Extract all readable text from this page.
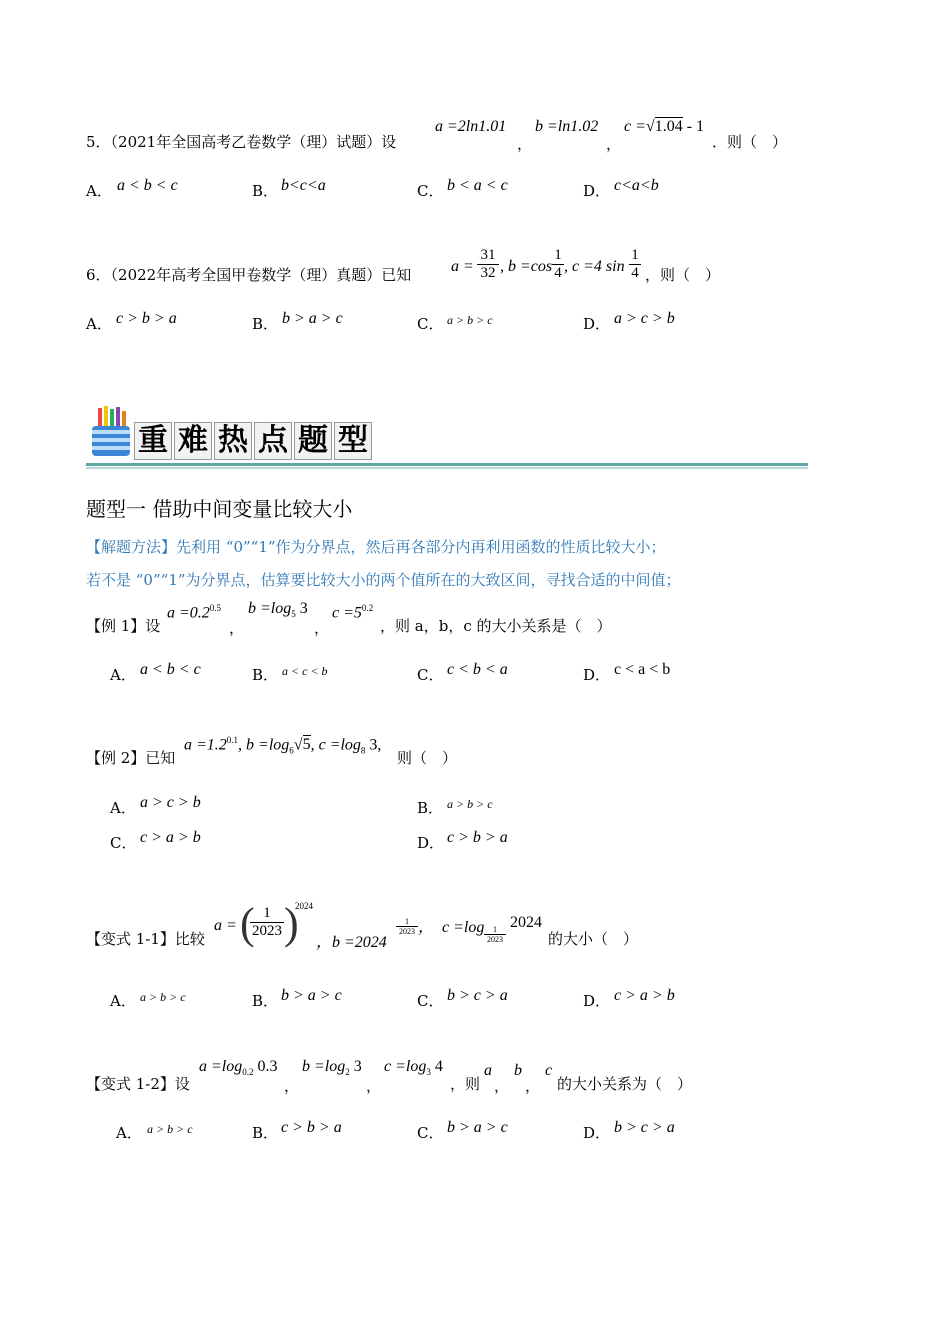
5．（2021年全国高考乙卷数学（理）试题）设
a =2ln1.01
，
b =ln1.02
，
c =√1.04 - 1
．则（　）
A． a < b < c	B． b<c<a	C． b < a < c	D． c<a<b
6．（2022年高考全国甲卷数学（理）真题）已知 $a = \frac{31}{32}$ , $b =\cos \frac{1}{4}$ , c =4 $\sin \frac{1}{4}$ ，则（　）
A． c > b > a	B． b > a > c	C． a > b > c	D． a > c > b
重 难 热 点 题 型
题型一 借助中间变量比较大小
【解题方法】先利用 “0”“1”作为分界点，然后再各部分内再利用函数的性质比较大小；
若不是 “0”“1”为分界点，估算要比较大小的两个值所在的大致区间，寻找合适的中间值；
【例 1】设
$a =0.2^{0.5}$
，
$b =\log_5$ 3
，
$c =5^{0.2}$
，则 a，b，c 的大小关系是（　）
A． a < b < c	B． a < c < b	C． c < b < a	D． c < a < b
【例 2】已知
$a =1.2^{0.1}$, $b =\log_6√5$, $c =\log_8$ 3,
则（　）
A． a > c > b	B． a > b > c
C． c > a > b	D． c > b > a
【变式 1-1】比较
a = (
$\frac{1}{2023}$ )
2024
，b =2024
$\frac{1}{2023}$ ，　$c =\log \frac{1}{2023}$
2024
的大小（　）
A． a > b > c	B． b > a > c	C． b > c > a	D． c > a > b
【变式 1-2】设
$a =\log_{0.2}$ 0.3
，
$b =\log_2$ 3
，
$c =\log_3$ 4
，则
a
，
b
，
c
的大小关系为（　）
A． a > b > c	B． c > b > a	C． b > a > c	D． b > c > a
